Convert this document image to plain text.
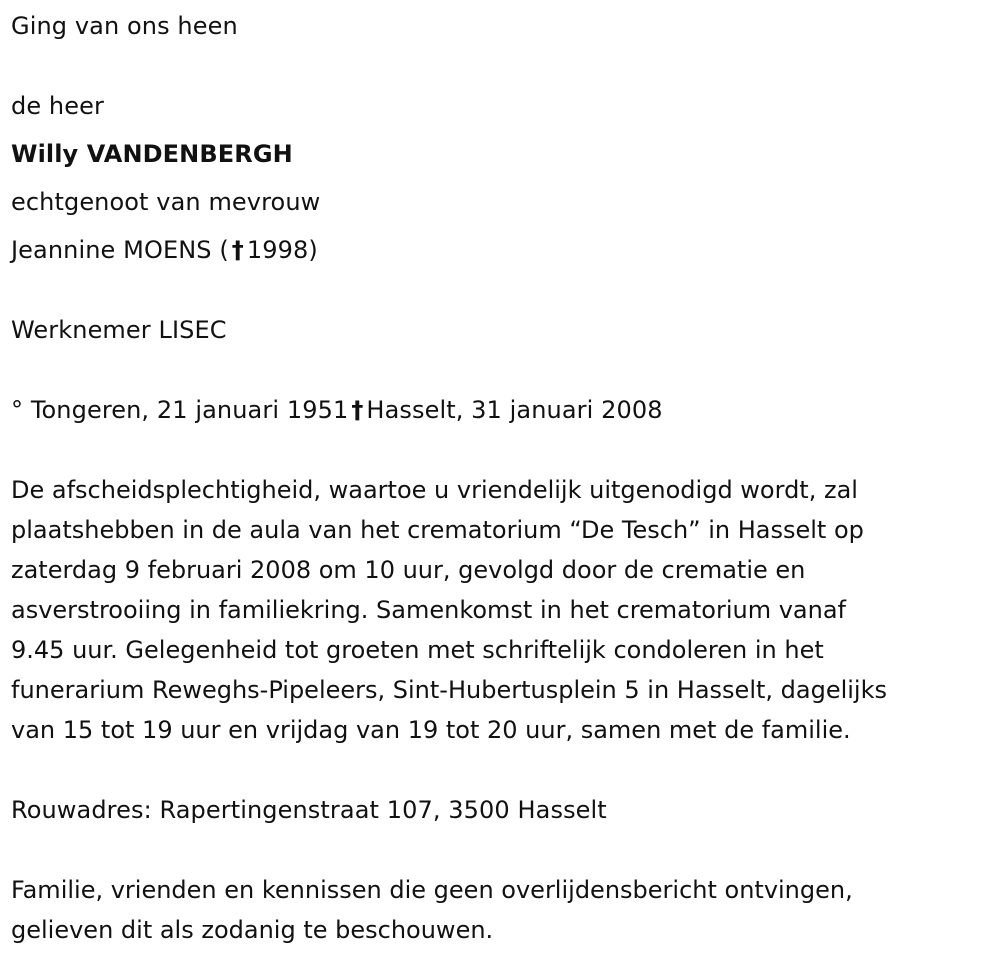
Ging van ons heen

de heer

Willy VANDENBERGH

echtgenoot van mevrouw

Jeannine MOENS ( † 1998)

Werknemer LISEC

° Tongeren, 21 januari 1951 † Hasselt, 31 januari 2008

De afscheidsplechtigheid, waartoe u vriendelijk uitgenodigd wordt, zal
plaatshebben in de aula van het crematorium “De Tesch” in Hasselt op
zaterdag 9 februari 2008 om 10 uur, gevolgd door de crematie en
asverstrooiing in familiekring. Samenkomst in het crematorium vanaf
9.45 uur. Gelegenheid tot groeten met schriftelijk condoleren in het
funerarium Reweghs-Pipeleers, Sint-Hubertusplein 5 in Hasselt, dagelijks
van 15 tot 19 uur en vrijdag van 19 tot 20 uur, samen met de familie.

Rouwadres: Rapertingenstraat 107, 3500 Hasselt

Familie, vrienden en kennissen die geen overlijdensbericht ontvingen,
gelieven dit als zodanig te beschouwen.
